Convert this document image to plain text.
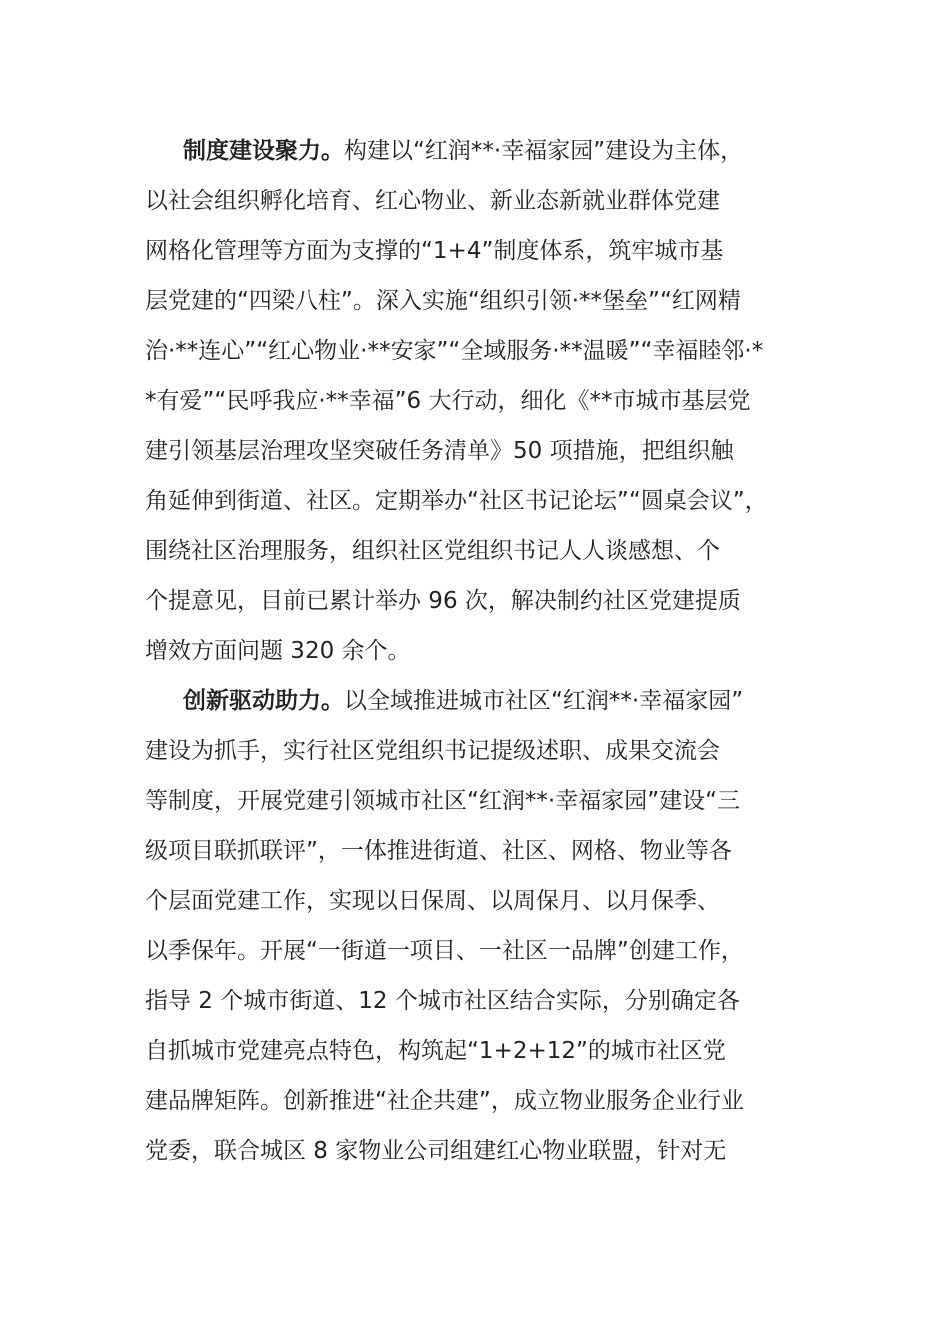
制度建设聚力。构建以“红润**·幸福家园”建设为主体，
以社会组织孵化培育、红心物业、新业态新就业群体党建
网格化管理等方面为支撑的“1+4”制度体系，筑牢城市基
层党建的“四梁八柱”。深入实施“组织引领·**堡垒”“红网精
治·**连心”“红心物业·**安家”“全域服务·**温暖”“幸福睦邻·*
*有爱”“民呼我应·**幸福”6 大行动，细化《**市城市基层党
建引领基层治理攻坚突破任务清单》50 项措施，把组织触
角延伸到街道、社区。定期举办“社区书记论坛”“圆桌会议”，
围绕社区治理服务，组织社区党组织书记人人谈感想、个
个提意见，目前已累计举办 96 次，解决制约社区党建提质
增效方面问题 320 余个。
创新驱动助力。以全域推进城市社区“红润**·幸福家园”
建设为抓手，实行社区党组织书记提级述职、成果交流会
等制度，开展党建引领城市社区“红润**·幸福家园”建设“三
级项目联抓联评”，一体推进街道、社区、网格、物业等各
个层面党建工作，实现以日保周、以周保月、以月保季、
以季保年。开展“一街道一项目、一社区一品牌”创建工作，
指导 2 个城市街道、12 个城市社区结合实际，分别确定各
自抓城市党建亮点特色，构筑起“1+2+12”的城市社区党
建品牌矩阵。创新推进“社企共建”，成立物业服务企业行业
党委，联合城区 8 家物业公司组建红心物业联盟，针对无
